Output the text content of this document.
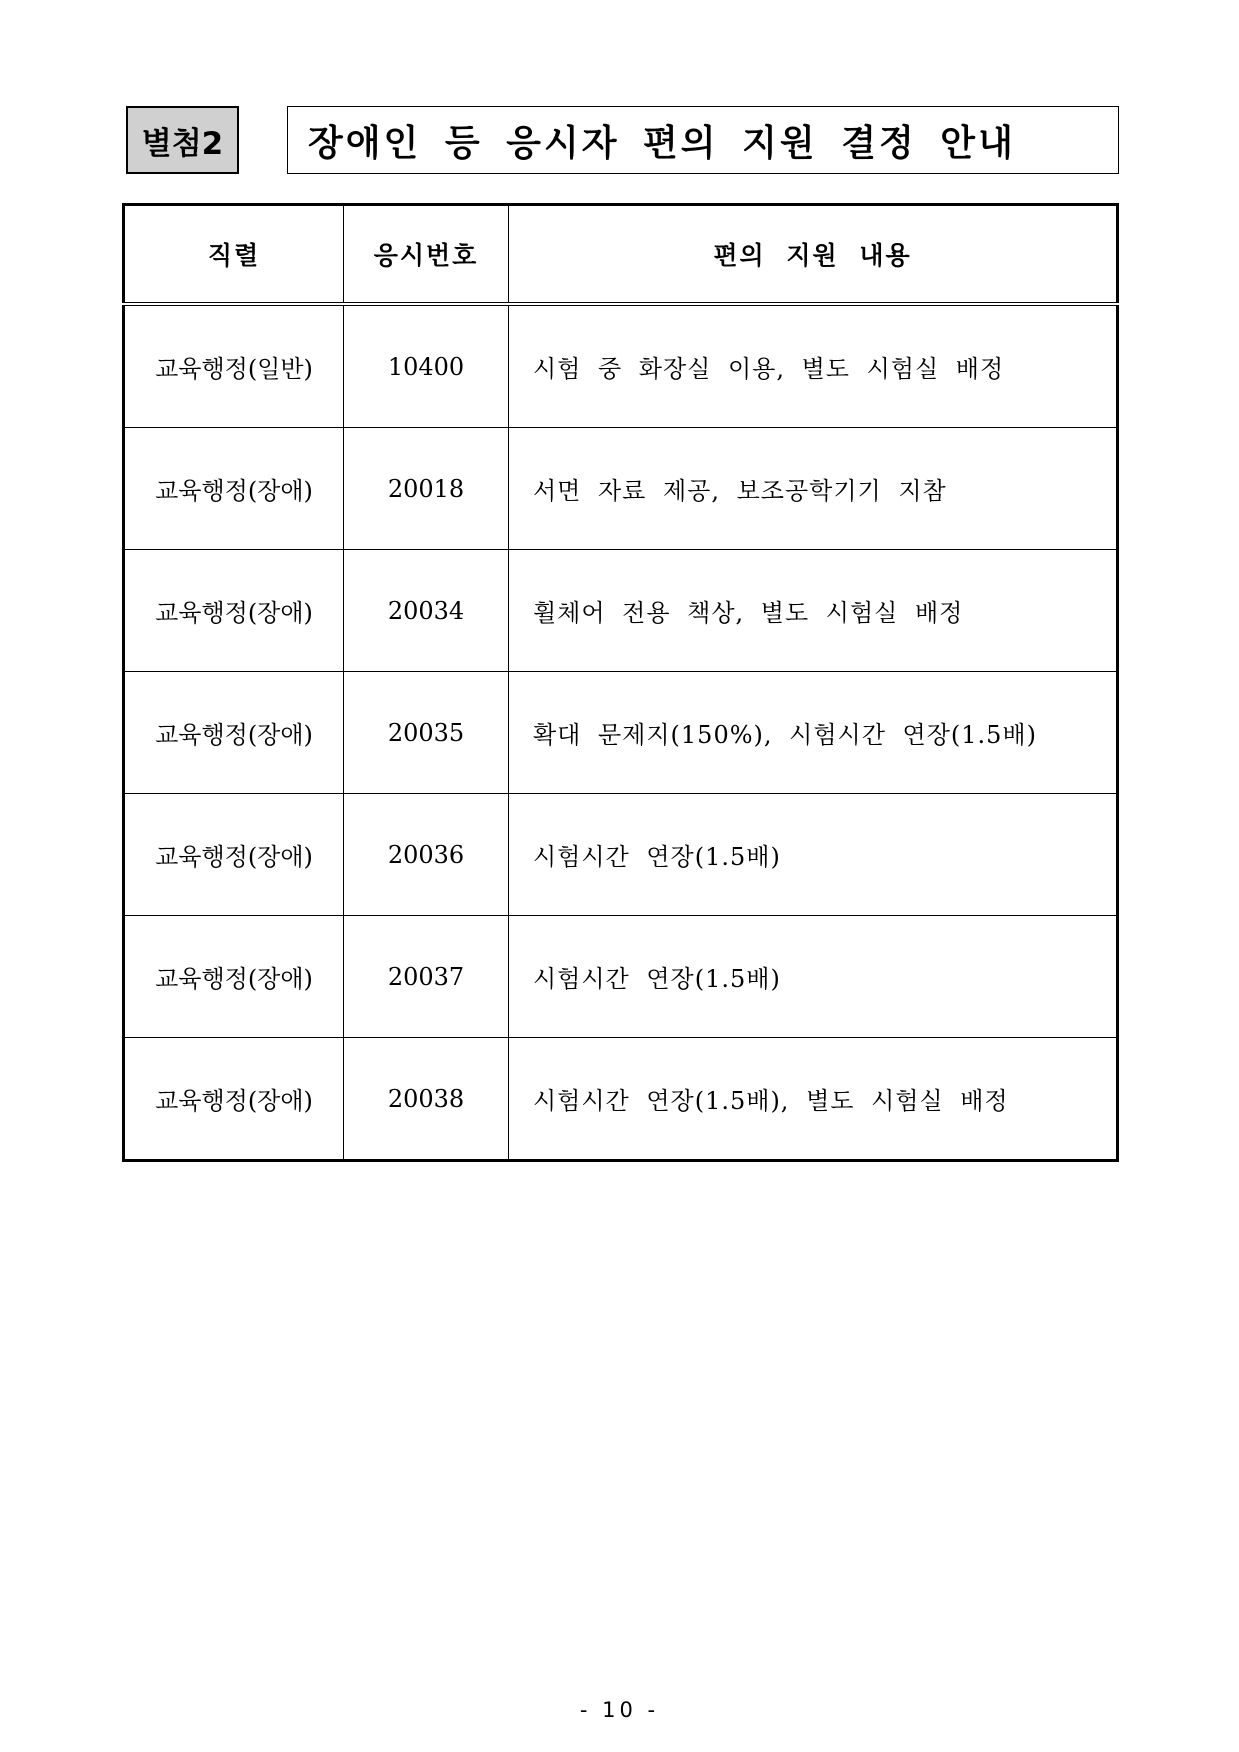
별첨2	장애인 등 응시자 편의 지원 결정 안내
직렬	응시번호	편의 지원 내용
교육행정(일반)	10400	시험 중 화장실 이용, 별도 시험실 배정
교육행정(장애)	20018	서면 자료 제공, 보조공학기기 지참
교육행정(장애)	20034	휠체어 전용 책상, 별도 시험실 배정
교육행정(장애)	20035	확대 문제지(150%), 시험시간 연장(1.5배)
교육행정(장애)	20036	시험시간 연장(1.5배)
교육행정(장애)	20037	시험시간 연장(1.5배)
교육행정(장애)	20038	시험시간 연장(1.5배), 별도 시험실 배정
- 10 -
